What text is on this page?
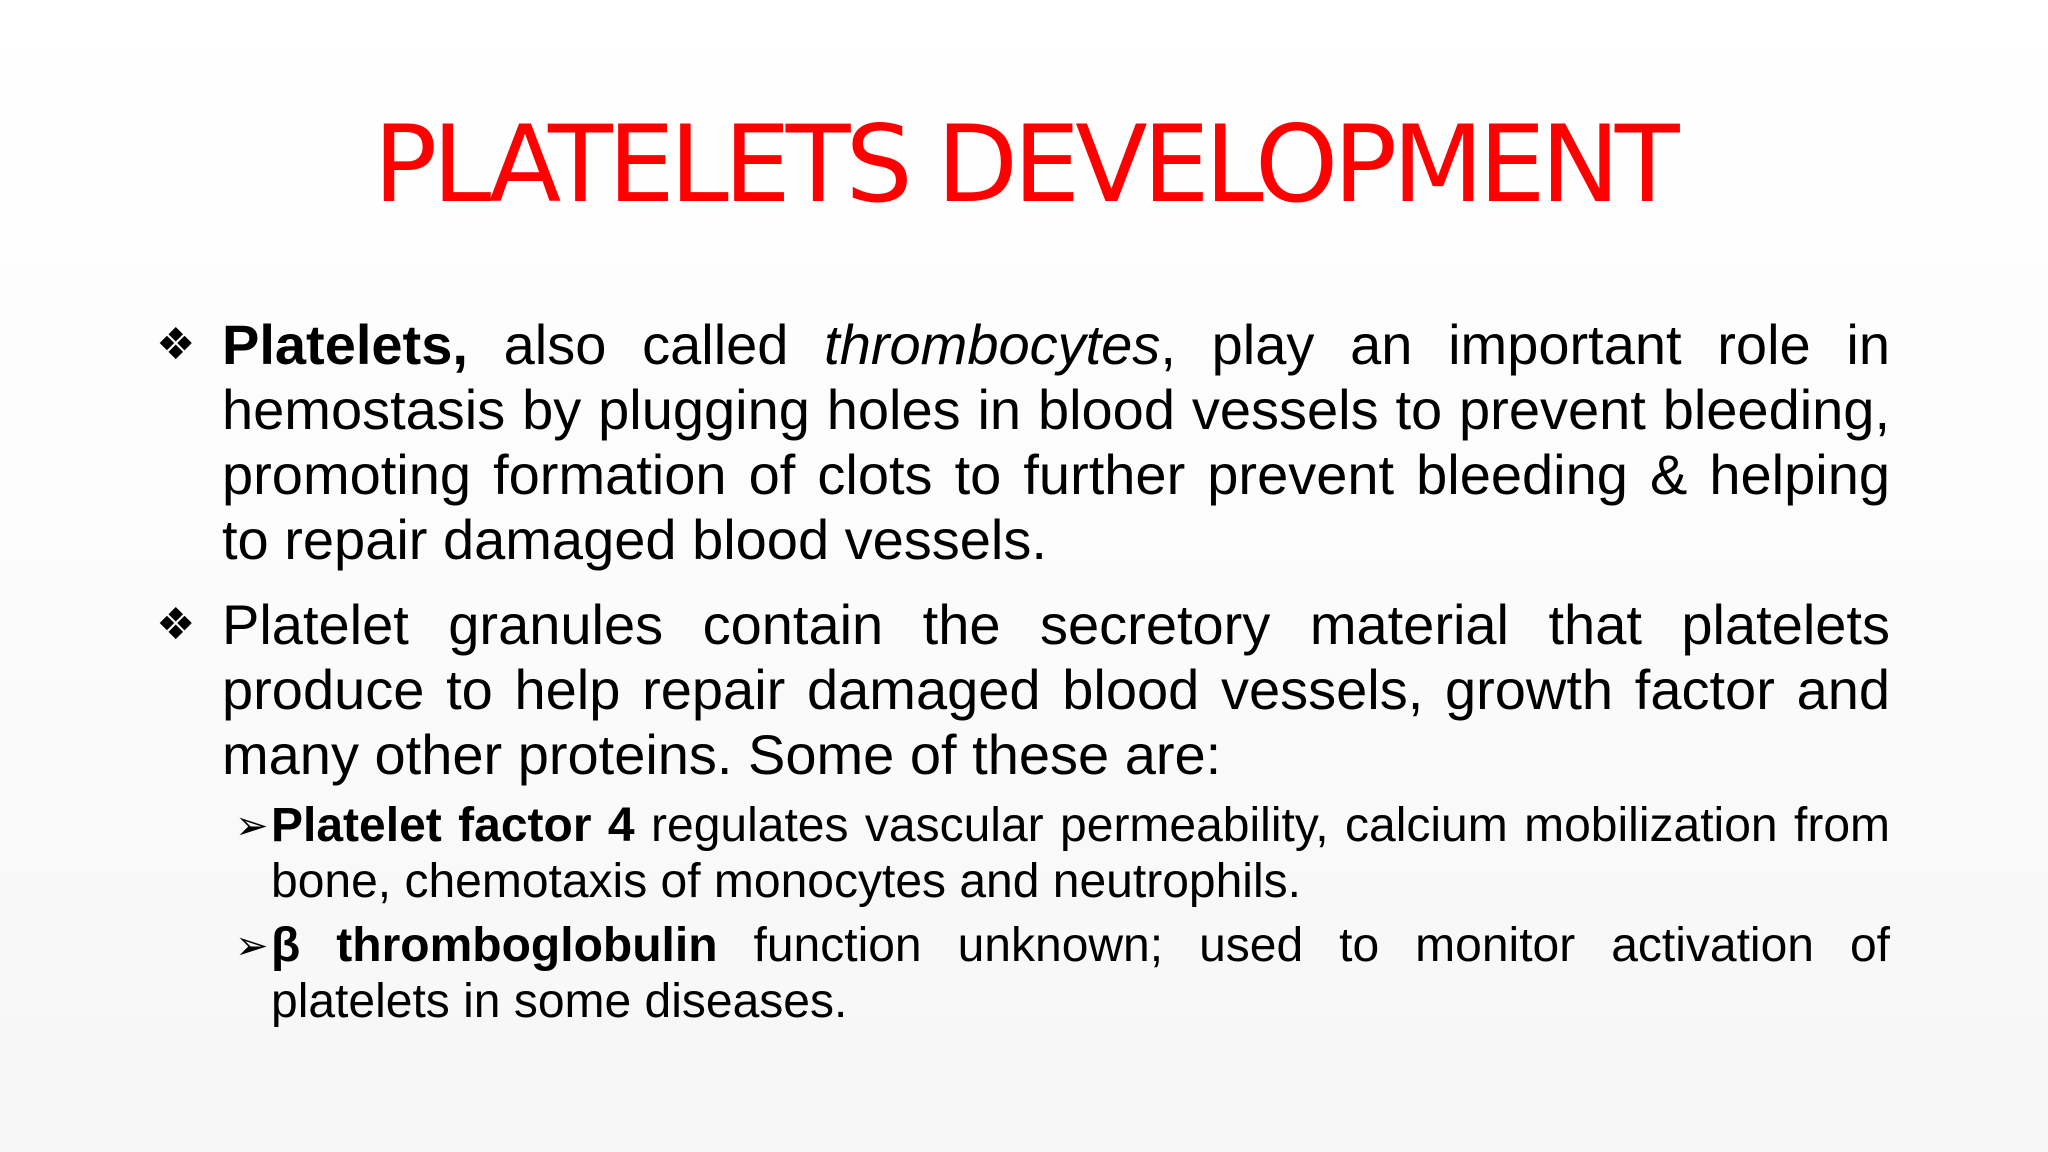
PLATELETS DEVELOPMENT
❖ Platelets, also called thrombocytes, play an important role in hemostasis by plugging holes in blood vessels to prevent bleeding, promoting formation of clots to further prevent bleeding & helping to repair damaged blood vessels.
❖ Platelet granules contain the secretory material that platelets produce to help repair damaged blood vessels, growth factor and many other proteins. Some of these are:
➢ Platelet factor 4 regulates vascular permeability, calcium mobilization from bone, chemotaxis of monocytes and neutrophils.
➢ β thromboglobulin function unknown; used to monitor activation of platelets in some diseases.
